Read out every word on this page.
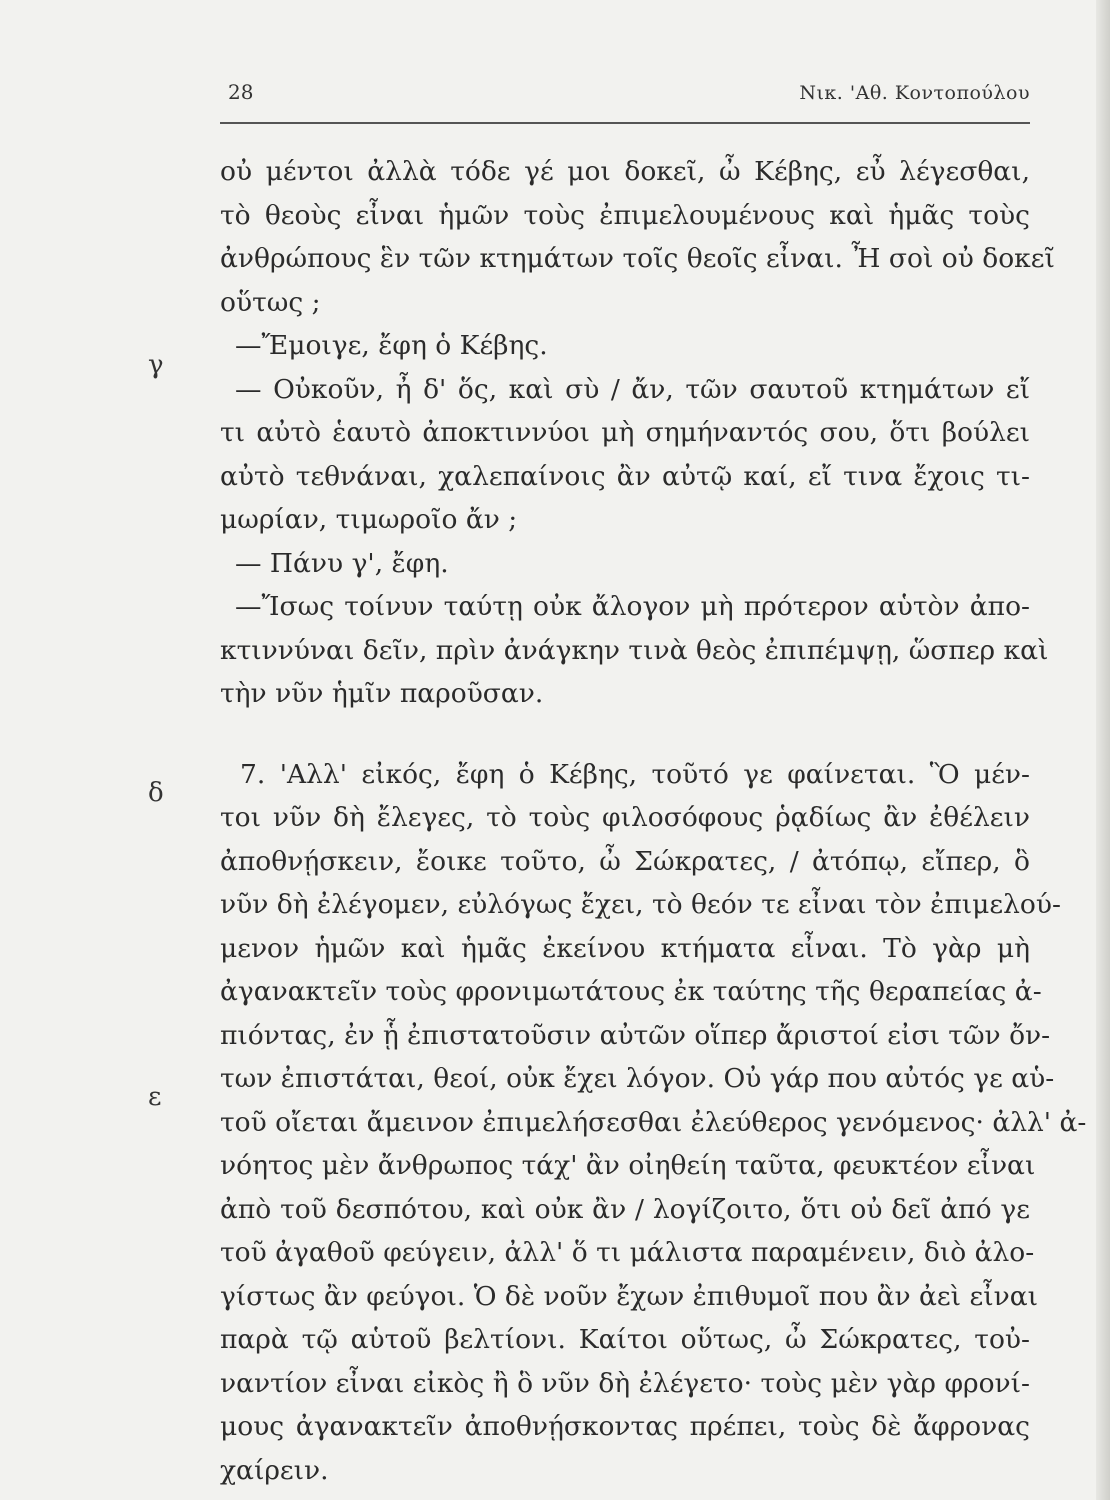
28	Νικ. 'Αθ. Κοντοπούλου
γ
δ
ε
οὐ μέντοι ἀλλὰ τόδε γέ μοι δοκεῖ, ὦ Κέβης, εὖ λέγεσθαι,
τὸ θεοὺς εἶναι ἡμῶν τοὺς ἐπιμελουμένους καὶ ἡμᾶς τοὺς
ἀνθρώπους ἓν τῶν κτημάτων τοῖς θεοῖς εἶναι. Ἦ σοὶ οὐ δοκεῖ
οὕτως ;
—Ἔμοιγε, ἔφη ὁ Κέβης.
— Οὐκοῦν, ἦ δ' ὅς, καὶ σὺ / ἄν, τῶν σαυτοῦ κτημάτων εἴ
τι αὐτὸ ἑαυτὸ ἀποκτιννύοι μὴ σημήναντός σου, ὅτι βούλει
αὐτὸ τεθνάναι, χαλεπαίνοις ἂν αὐτῷ καί, εἴ τινα ἔχοις τι-
μωρίαν, τιμωροῖο ἄν ;
— Πάνυ γ', ἔφη.
—Ἴσως τοίνυν ταύτῃ οὐκ ἄλογον μὴ πρότερον αὑτὸν ἀπο-
κτιννύναι δεῖν, πρὶν ἀνάγκην τινὰ θεὸς ἐπιπέμψῃ, ὥσπερ καὶ
τὴν νῦν ἡμῖν παροῦσαν.
7. 'Αλλ' εἰκός, ἔφη ὁ Κέβης, τοῦτό γε φαίνεται. Ὃ μέν-
τοι νῦν δὴ ἔλεγες, τὸ τοὺς φιλοσόφους ῥᾳδίως ἂν ἐθέλειν
ἀποθνῄσκειν, ἔοικε τοῦτο, ὦ Σώκρατες, / ἀτόπῳ, εἴπερ, ὃ
νῦν δὴ ἐλέγομεν, εὐλόγως ἔχει, τὸ θεόν τε εἶναι τὸν ἐπιμελού-
μενον ἡμῶν καὶ ἡμᾶς ἐκείνου κτήματα εἶναι. Τὸ γὰρ μὴ
ἀγανακτεῖν τοὺς φρονιμωτάτους ἐκ ταύτης τῆς θεραπείας ἀ-
πιόντας, ἐν ᾗ ἐπιστατοῦσιν αὐτῶν οἵπερ ἄριστοί εἰσι τῶν ὄν-
των ἐπιστάται, θεοί, οὐκ ἔχει λόγον. Οὐ γάρ που αὐτός γε αὑ-
τοῦ οἴεται ἄμεινον ἐπιμελήσεσθαι ἐλεύθερος γενόμενος· ἀλλ' ἀ-
νόητος μὲν ἄνθρωπος τάχ' ἂν οἰηθείη ταῦτα, φευκτέον εἶναι
ἀπὸ τοῦ δεσπότου, καὶ οὐκ ἂν / λογίζοιτο, ὅτι οὐ δεῖ ἀπό γε
τοῦ ἀγαθοῦ φεύγειν, ἀλλ' ὅ τι μάλιστα παραμένειν, διὸ ἀλο-
γίστως ἂν φεύγοι. Ὁ δὲ νοῦν ἔχων ἐπιθυμοῖ που ἂν ἀεὶ εἶναι
παρὰ τῷ αὑτοῦ βελτίονι. Καίτοι οὕτως, ὦ Σώκρατες, τοὐ-
ναντίον εἶναι εἰκὸς ἢ ὃ νῦν δὴ ἐλέγετο· τοὺς μὲν γὰρ φρονί-
μους ἀγανακτεῖν ἀποθνῄσκοντας πρέπει, τοὺς δὲ ἄφρονας
χαίρειν.
